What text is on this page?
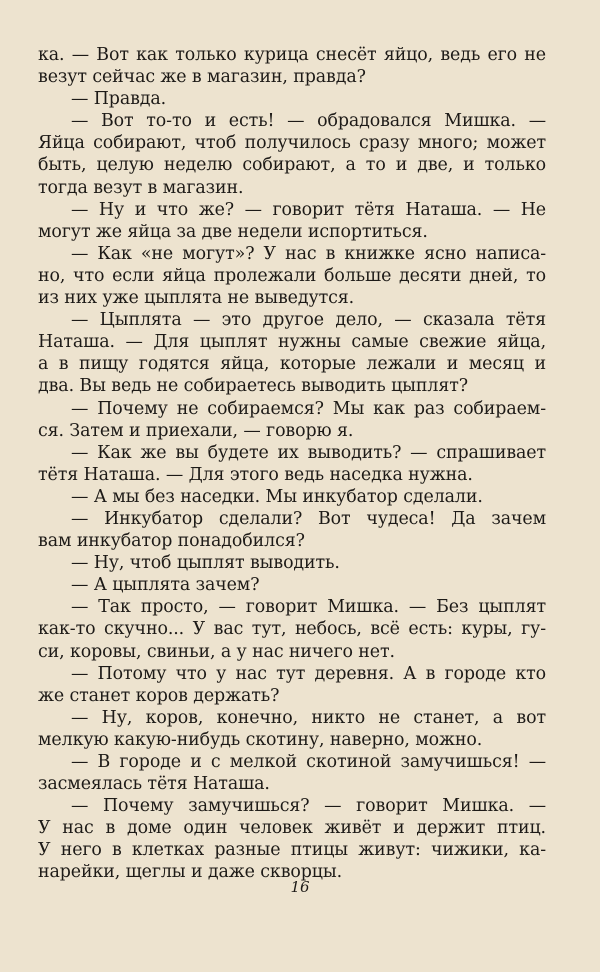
ка. — Вот как только курица снесёт яйцо, ведь его не
везут сейчас же в магазин, правда?
— Правда.
— Вот то-то и есть! — обрадовался Мишка. —
Яйца собирают, чтоб получилось сразу много; может
быть, целую неделю собирают, а то и две, и только
тогда везут в магазин.
— Ну и что же? — говорит тётя Наташа. — Не
могут же яйца за две недели испортиться.
— Как «не могут»? У нас в книжке ясно написа-
но, что если яйца пролежали больше десяти дней, то
из них уже цыплята не выведутся.
— Цыплята — это другое дело, — сказала тётя
Наташа. — Для цыплят нужны самые свежие яйца,
а в пищу годятся яйца, которые лежали и месяц и
два. Вы ведь не собираетесь выводить цыплят?
— Почему не собираемся? Мы как раз собираем-
ся. Затем и приехали, — говорю я.
— Как же вы будете их выводить? — спрашивает
тётя Наташа. — Для этого ведь наседка нужна.
— А мы без наседки. Мы инкубатор сделали.
— Инкубатор сделали? Вот чудеса! Да зачем
вам инкубатор понадобился?
— Ну, чтоб цыплят выводить.
— А цыплята зачем?
— Так просто, — говорит Мишка. — Без цыплят
как-то скучно... У вас тут, небось, всё есть: куры, гу-
си, коровы, свиньи, а у нас ничего нет.
— Потому что у нас тут деревня. А в городе кто
же станет коров держать?
— Ну, коров, конечно, никто не станет, а вот
мелкую какую-нибудь скотину, наверно, можно.
— В городе и с мелкой скотиной замучишься! —
засмеялась тётя Наташа.
— Почему замучишься? — говорит Мишка. —
У нас в доме один человек живёт и держит птиц.
У него в клетках разные птицы живут: чижики, ка-
нарейки, щеглы и даже скворцы.
16
